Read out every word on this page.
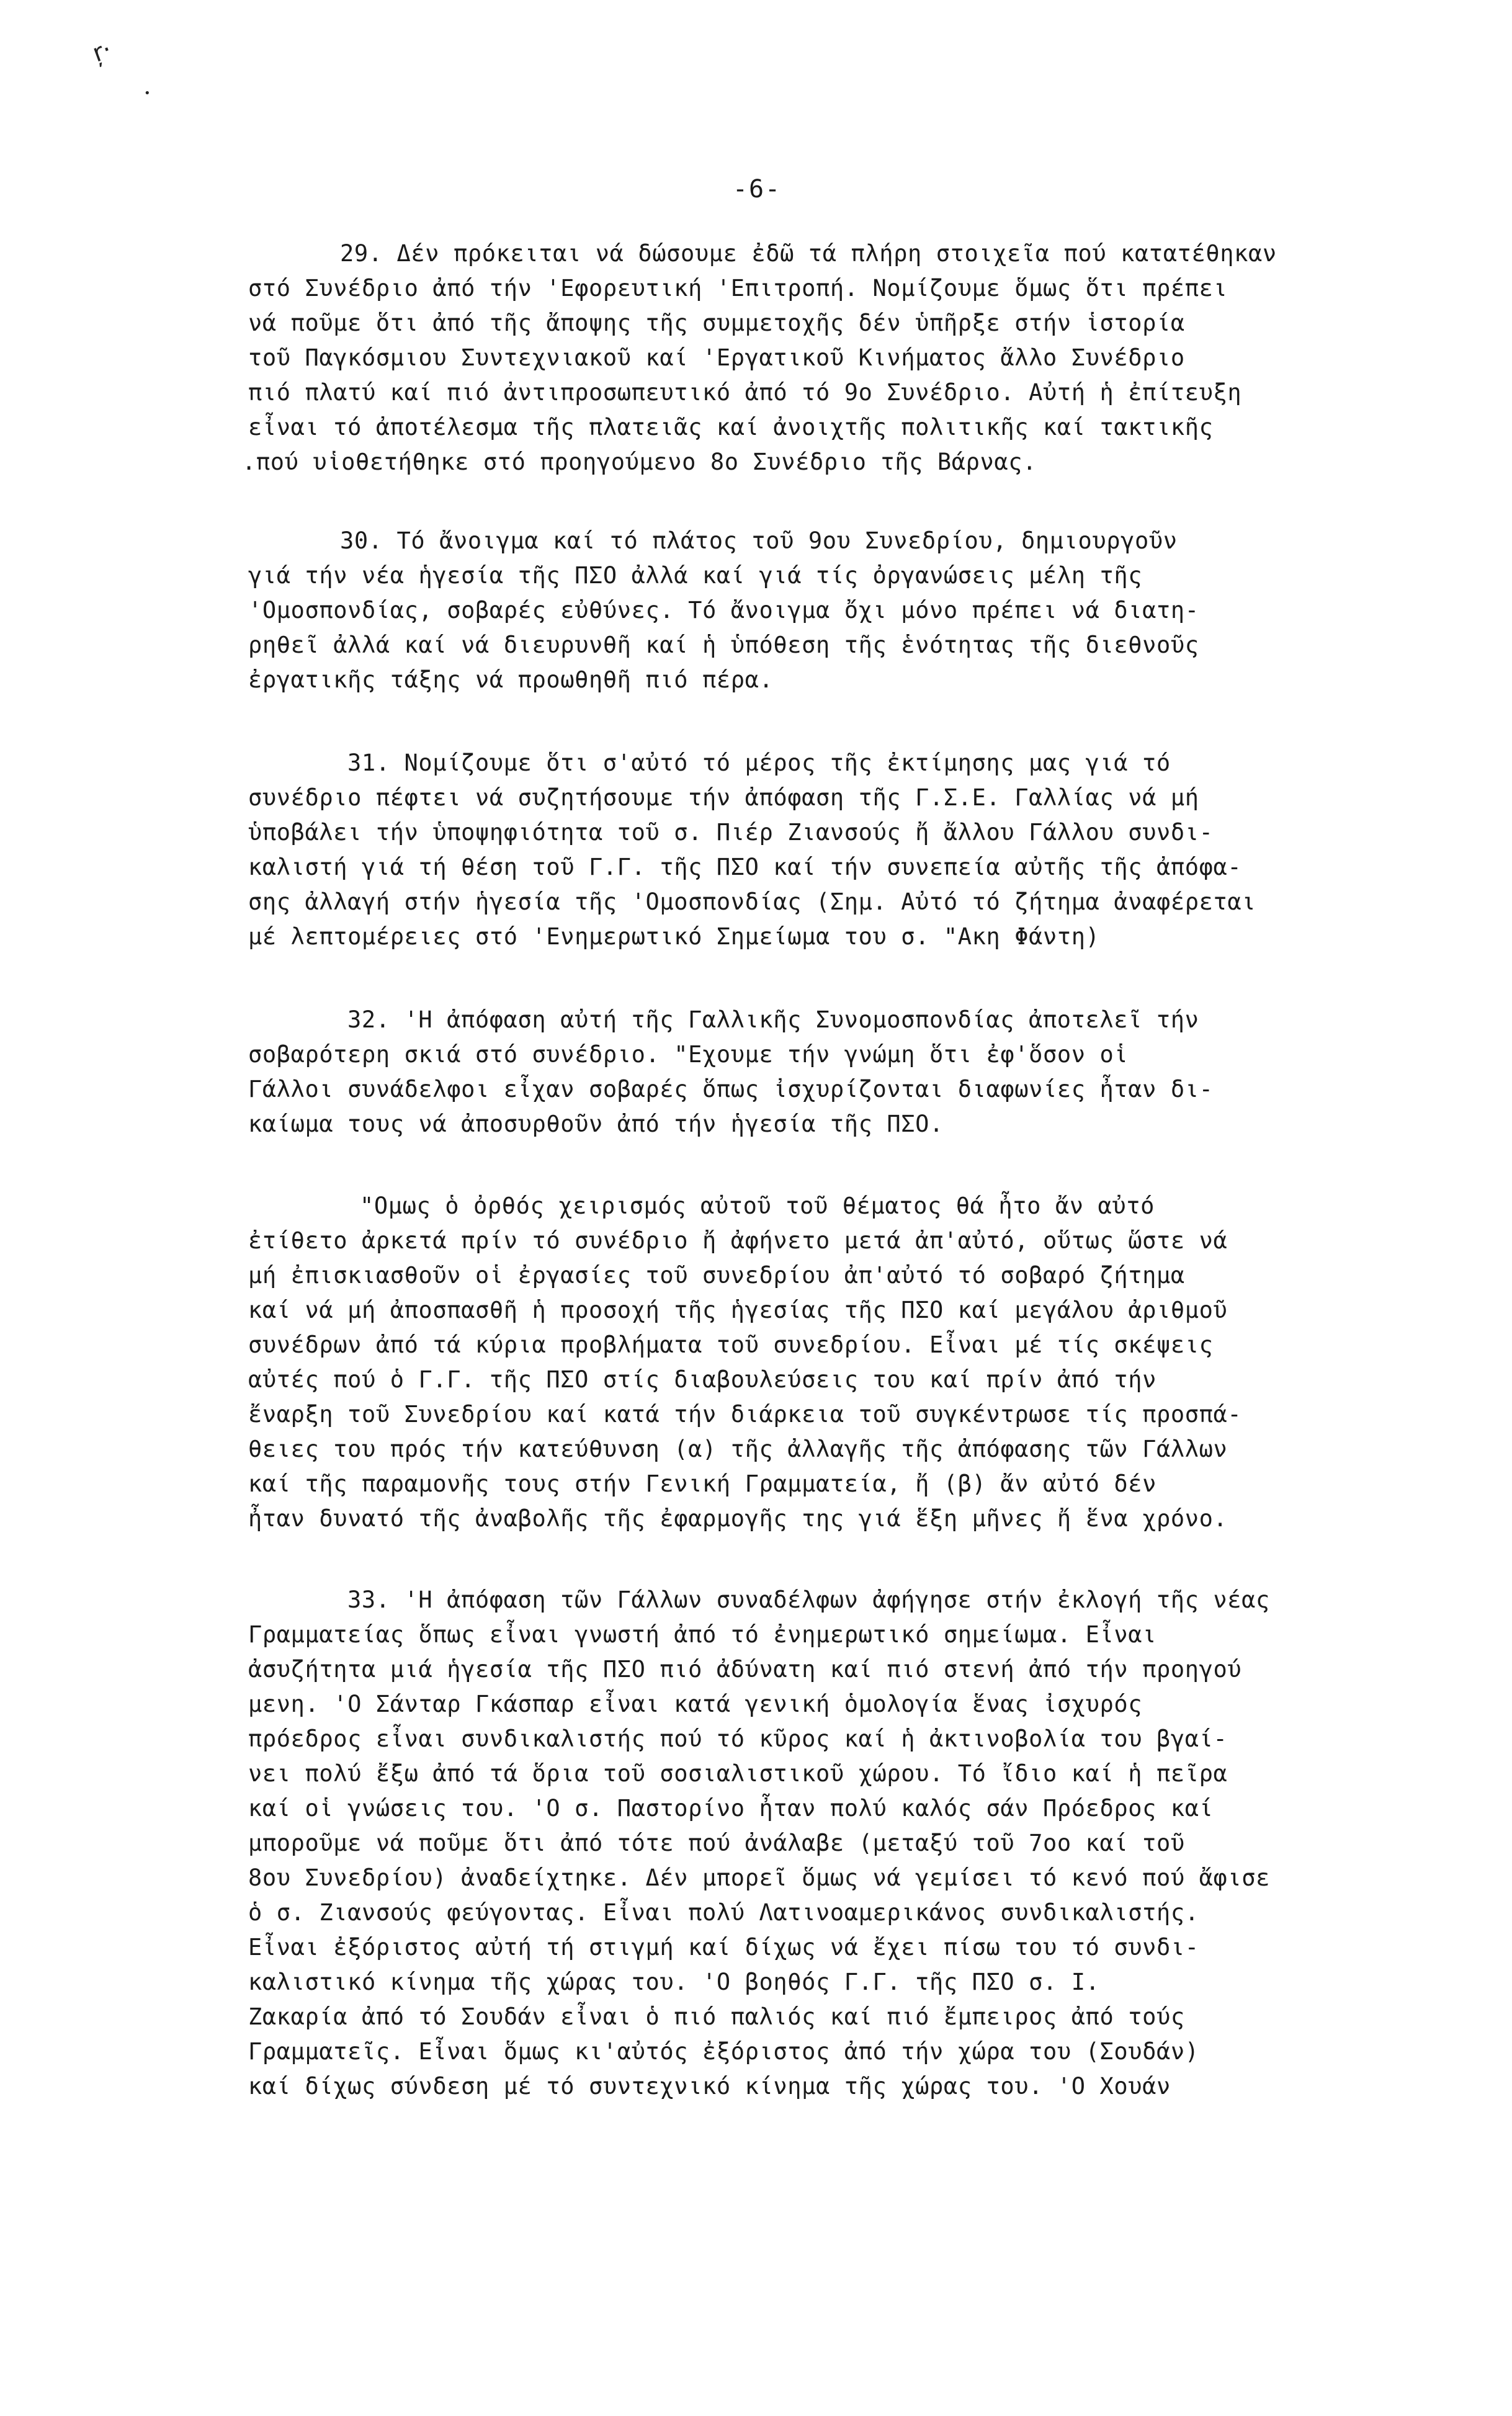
ŗ·
•
-6-
29. Δέν πρόκειται νά δώσουμε ἐδῶ τά πλήρη στοιχεῖα πού κατατέθηκαν
στό Συνέδριο ἀπό τήν 'Εφορευτική 'Επιτροπή. Νομίζουμε ὅμως ὅτι πρέπει
νά ποῦμε ὅτι ἀπό τῆς ἄποψης τῆς συμμετοχῆς δέν ὑπῆρξε στήν ἱστορία
τοῦ Παγκόσμιου Συντεχνιακοῦ καί 'Εργατικοῦ Κινήματος ἄλλο Συνέδριο
πιό πλατύ καί πιό ἀντιπροσωπευτικό ἀπό τό 9ο Συνέδριο. Αὐτή ἡ ἐπίτευξη
εἶναι τό ἀποτέλεσμα τῆς πλατειᾶς καί ἀνοιχτῆς πολιτικῆς καί τακτικῆς
.πού υἱοθετήθηκε στό προηγούμενο 8ο Συνέδριο τῆς Βάρνας.
30. Τό ἄνοιγμα καί τό πλάτος τοῦ 9ου Συνεδρίου, δημιουργοῦν
γιά τήν νέα ἡγεσία τῆς ΠΣΟ ἀλλά καί γιά τίς ὀργανώσεις μέλη τῆς
'Ομοσπονδίας, σοβαρές εὐθύνες. Τό ἄνοιγμα ὄχι μόνο πρέπει νά διατη-
ρηθεῖ ἀλλά καί νά διευρυνθῆ καί ἡ ὑπόθεση τῆς ἑνότητας τῆς διεθνοῦς
ἐργατικῆς τάξης νά προωθηθῆ πιό πέρα.
31. Νομίζουμε ὅτι σ'αὐτό τό μέρος τῆς ἐκτίμησης μας γιά τό
συνέδριο πέφτει νά συζητήσουμε τήν ἀπόφαση τῆς Γ.Σ.Ε. Γαλλίας νά μή
ὑποβάλει τήν ὑποψηφιότητα τοῦ σ. Πιέρ Ζιανσούς ἤ ἄλλου Γάλλου συνδι-
καλιστή γιά τή θέση τοῦ Γ.Γ. τῆς ΠΣΟ καί τήν συνεπεία αὐτῆς τῆς ἀπόφα-
σης ἀλλαγή στήν ἡγεσία τῆς 'Ομοσπονδίας (Σημ. Αὐτό τό ζήτημα ἀναφέρεται
μέ λεπτομέρειες στό 'Ενημερωτικό Σημείωμα του σ. "Ακη Φάντη)
32. 'Η ἀπόφαση αὐτή τῆς Γαλλικῆς Συνομοσπονδίας ἀποτελεῖ τήν
σοβαρότερη σκιά στό συνέδριο. "Εχουμε τήν γνώμη ὅτι ἐφ'ὅσον οἱ
Γάλλοι συνάδελφοι εἶχαν σοβαρές ὅπως ἰσχυρίζονται διαφωνίες ἦταν δι-
καίωμα τους νά ἀποσυρθοῦν ἀπό τήν ἡγεσία τῆς ΠΣΟ.
"Ομως ὁ ὀρθός χειρισμός αὐτοῦ τοῦ θέματος θά ἦτο ἄν αὐτό
ἐτίθετο ἀρκετά πρίν τό συνέδριο ἤ ἀφήνετο μετά ἀπ'αὐτό, οὕτως ὥστε νά
μή ἐπισκιασθοῦν οἱ ἐργασίες τοῦ συνεδρίου ἀπ'αὐτό τό σοβαρό ζήτημα
καί νά μή ἀποσπασθῆ ἡ προσοχή τῆς ἡγεσίας τῆς ΠΣΟ καί μεγάλου ἀριθμοῦ
συνέδρων ἀπό τά κύρια προβλήματα τοῦ συνεδρίου. Εἶναι μέ τίς σκέψεις
αὐτές πού ὁ Γ.Γ. τῆς ΠΣΟ στίς διαβουλεύσεις του καί πρίν ἀπό τήν
ἔναρξη τοῦ Συνεδρίου καί κατά τήν διάρκεια τοῦ συγκέντρωσε τίς προσπά-
θειες του πρός τήν κατεύθυνση (α) τῆς ἀλλαγῆς τῆς ἀπόφασης τῶν Γάλλων
καί τῆς παραμονῆς τους στήν Γενική Γραμματεία, ἤ (β) ἄν αὐτό δέν
ἦταν δυνατό τῆς ἀναβολῆς τῆς ἐφαρμογῆς της γιά ἕξη μῆνες ἤ ἕνα χρόνο.
33. 'Η ἀπόφαση τῶν Γάλλων συναδέλφων ἀφήγησε στήν ἐκλογή τῆς νέας
Γραμματείας ὅπως εἶναι γνωστή ἀπό τό ἐνημερωτικό σημείωμα. Εἶναι
ἀσυζήτητα μιά ἡγεσία τῆς ΠΣΟ πιό ἀδύνατη καί πιό στενή ἀπό τήν προηγού
μενη. 'Ο Σάνταρ Γκάσπαρ εἶναι κατά γενική ὁμολογία ἕνας ἰσχυρός
πρόεδρος εἶναι συνδικαλιστής πού τό κῦρος καί ἡ ἀκτινοβολία του βγαί-
νει πολύ ἔξω ἀπό τά ὅρια τοῦ σοσιαλιστικοῦ χώρου. Τό ἴδιο καί ἡ πεῖρα
καί οἱ γνώσεις του. 'Ο σ. Παστορίνο ἦταν πολύ καλός σάν Πρόεδρος καί
μποροῦμε νά ποῦμε ὅτι ἀπό τότε πού ἀνάλαβε (μεταξύ τοῦ 7οο καί τοῦ
8ου Συνεδρίου) ἀναδείχτηκε. Δέν μπορεῖ ὅμως νά γεμίσει τό κενό πού ἄφισε
ὁ σ. Ζιανσούς φεύγοντας. Εἶναι πολύ Λατινοαμερικάνος συνδικαλιστής.
Εἶναι ἐξόριστος αὐτή τή στιγμή καί δίχως νά ἔχει πίσω του τό συνδι-
καλιστικό κίνημα τῆς χώρας του. 'Ο βοηθός Γ.Γ. τῆς ΠΣΟ σ. Ι.
Ζακαρία ἀπό τό Σουδάν εἶναι ὁ πιό παλιός καί πιό ἔμπειρος ἀπό τούς
Γραμματεῖς. Εἶναι ὅμως κι'αὐτός ἐξόριστος ἀπό τήν χώρα του (Σουδάν)
καί δίχως σύνδεση μέ τό συντεχνικό κίνημα τῆς χώρας του. 'Ο Χουάν
